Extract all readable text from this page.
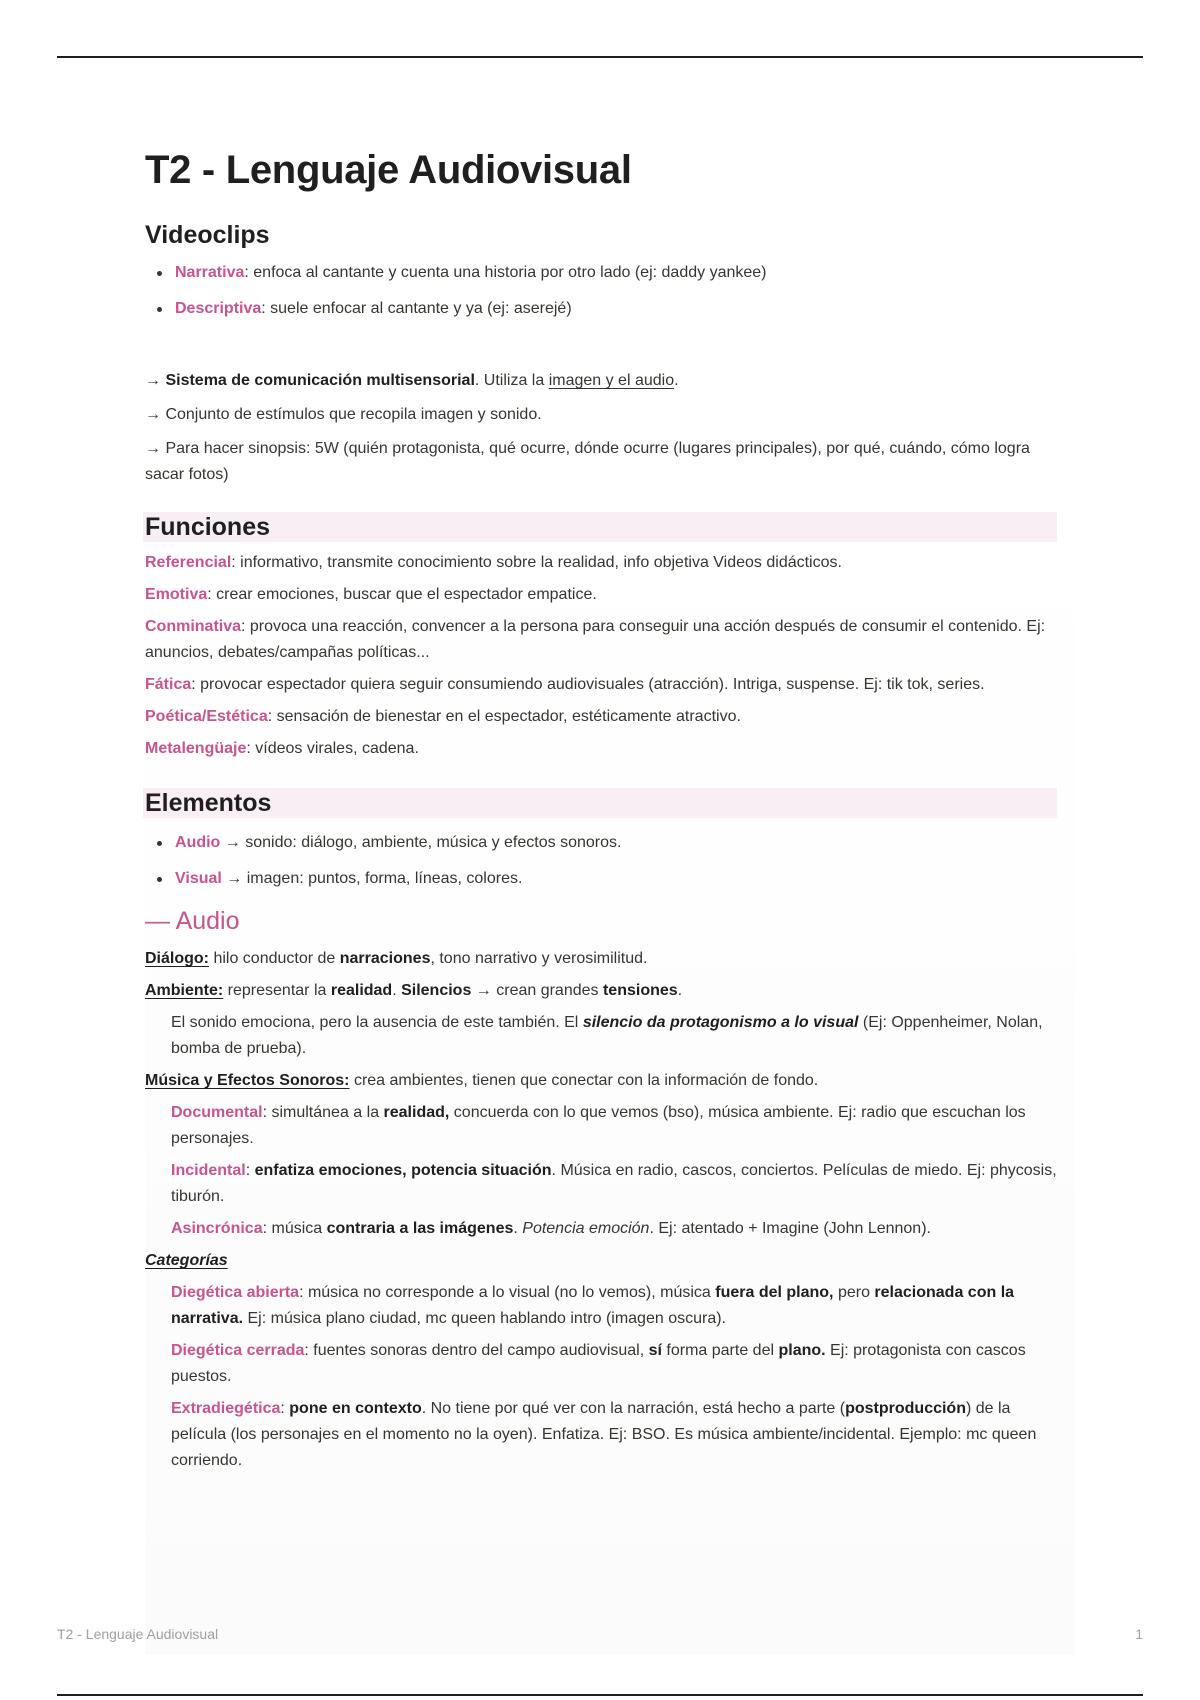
T2 - Lenguaje Audiovisual
Videoclips
Narrativa: enfoca al cantante y cuenta una historia por otro lado (ej: daddy yankee)
Descriptiva: suele enfocar al cantante y ya (ej: aserejé)

→ Sistema de comunicación multisensorial. Utiliza la imagen y el audio.

→ Conjunto de estímulos que recopila imagen y sonido.

→ Para hacer sinopsis: 5W (quién protagonista, qué ocurre, dónde ocurre (lugares principales), por qué, cuándo, cómo logra sacar fotos)

Funciones

Referencial: informativo, transmite conocimiento sobre la realidad, info objetiva Videos didácticos.

Emotiva: crear emociones, buscar que el espectador empatice.

Conminativa: provoca una reacción, convencer a la persona para conseguir una acción después de consumir el contenido. Ej: anuncios, debates/campañas políticas...

Fática: provocar espectador quiera seguir consumiendo audiovisuales (atracción). Intriga, suspense. Ej: tik tok, series.

Poética/Estética: sensación de bienestar en el espectador, estéticamente atractivo.

Metalengüaje: vídeos virales, cadena.

Elementos
Audio → sonido: diálogo, ambiente, música y efectos sonoros.
Visual → imagen: puntos, forma, líneas, colores.
— Audio

Diálogo: hilo conductor de narraciones, tono narrativo y verosimilitud.

Ambiente: representar la realidad. Silencios → crean grandes tensiones.

El sonido emociona, pero la ausencia de este también. El silencio da protagonismo a lo visual (Ej: Oppenheimer, Nolan, bomba de prueba).

Música y Efectos Sonoros: crea ambientes, tienen que conectar con la información de fondo.

Documental: simultánea a la realidad, concuerda con lo que vemos (bso), música ambiente. Ej: radio que escuchan los personajes.

Incidental: enfatiza emociones, potencia situación. Música en radio, cascos, conciertos. Películas de miedo. Ej: phycosis, tiburón.

Asincrónica: música contraria a las imágenes. Potencia emoción. Ej: atentado + Imagine (John Lennon).

Categorías

Diegética abierta: música no corresponde a lo visual (no lo vemos), música fuera del plano, pero relacionada con la narrativa. Ej: música plano ciudad, mc queen hablando intro (imagen oscura).

Diegética cerrada: fuentes sonoras dentro del campo audiovisual, sí forma parte del plano. Ej: protagonista con cascos puestos.

Extradiegética: pone en contexto. No tiene por qué ver con la narración, está hecho a parte (postproducción) de la película (los personajes en el momento no la oyen). Enfatiza. Ej: BSO. Es música ambiente/incidental. Ejemplo: mc queen corriendo.

T2 - Lenguaje Audiovisual	1
